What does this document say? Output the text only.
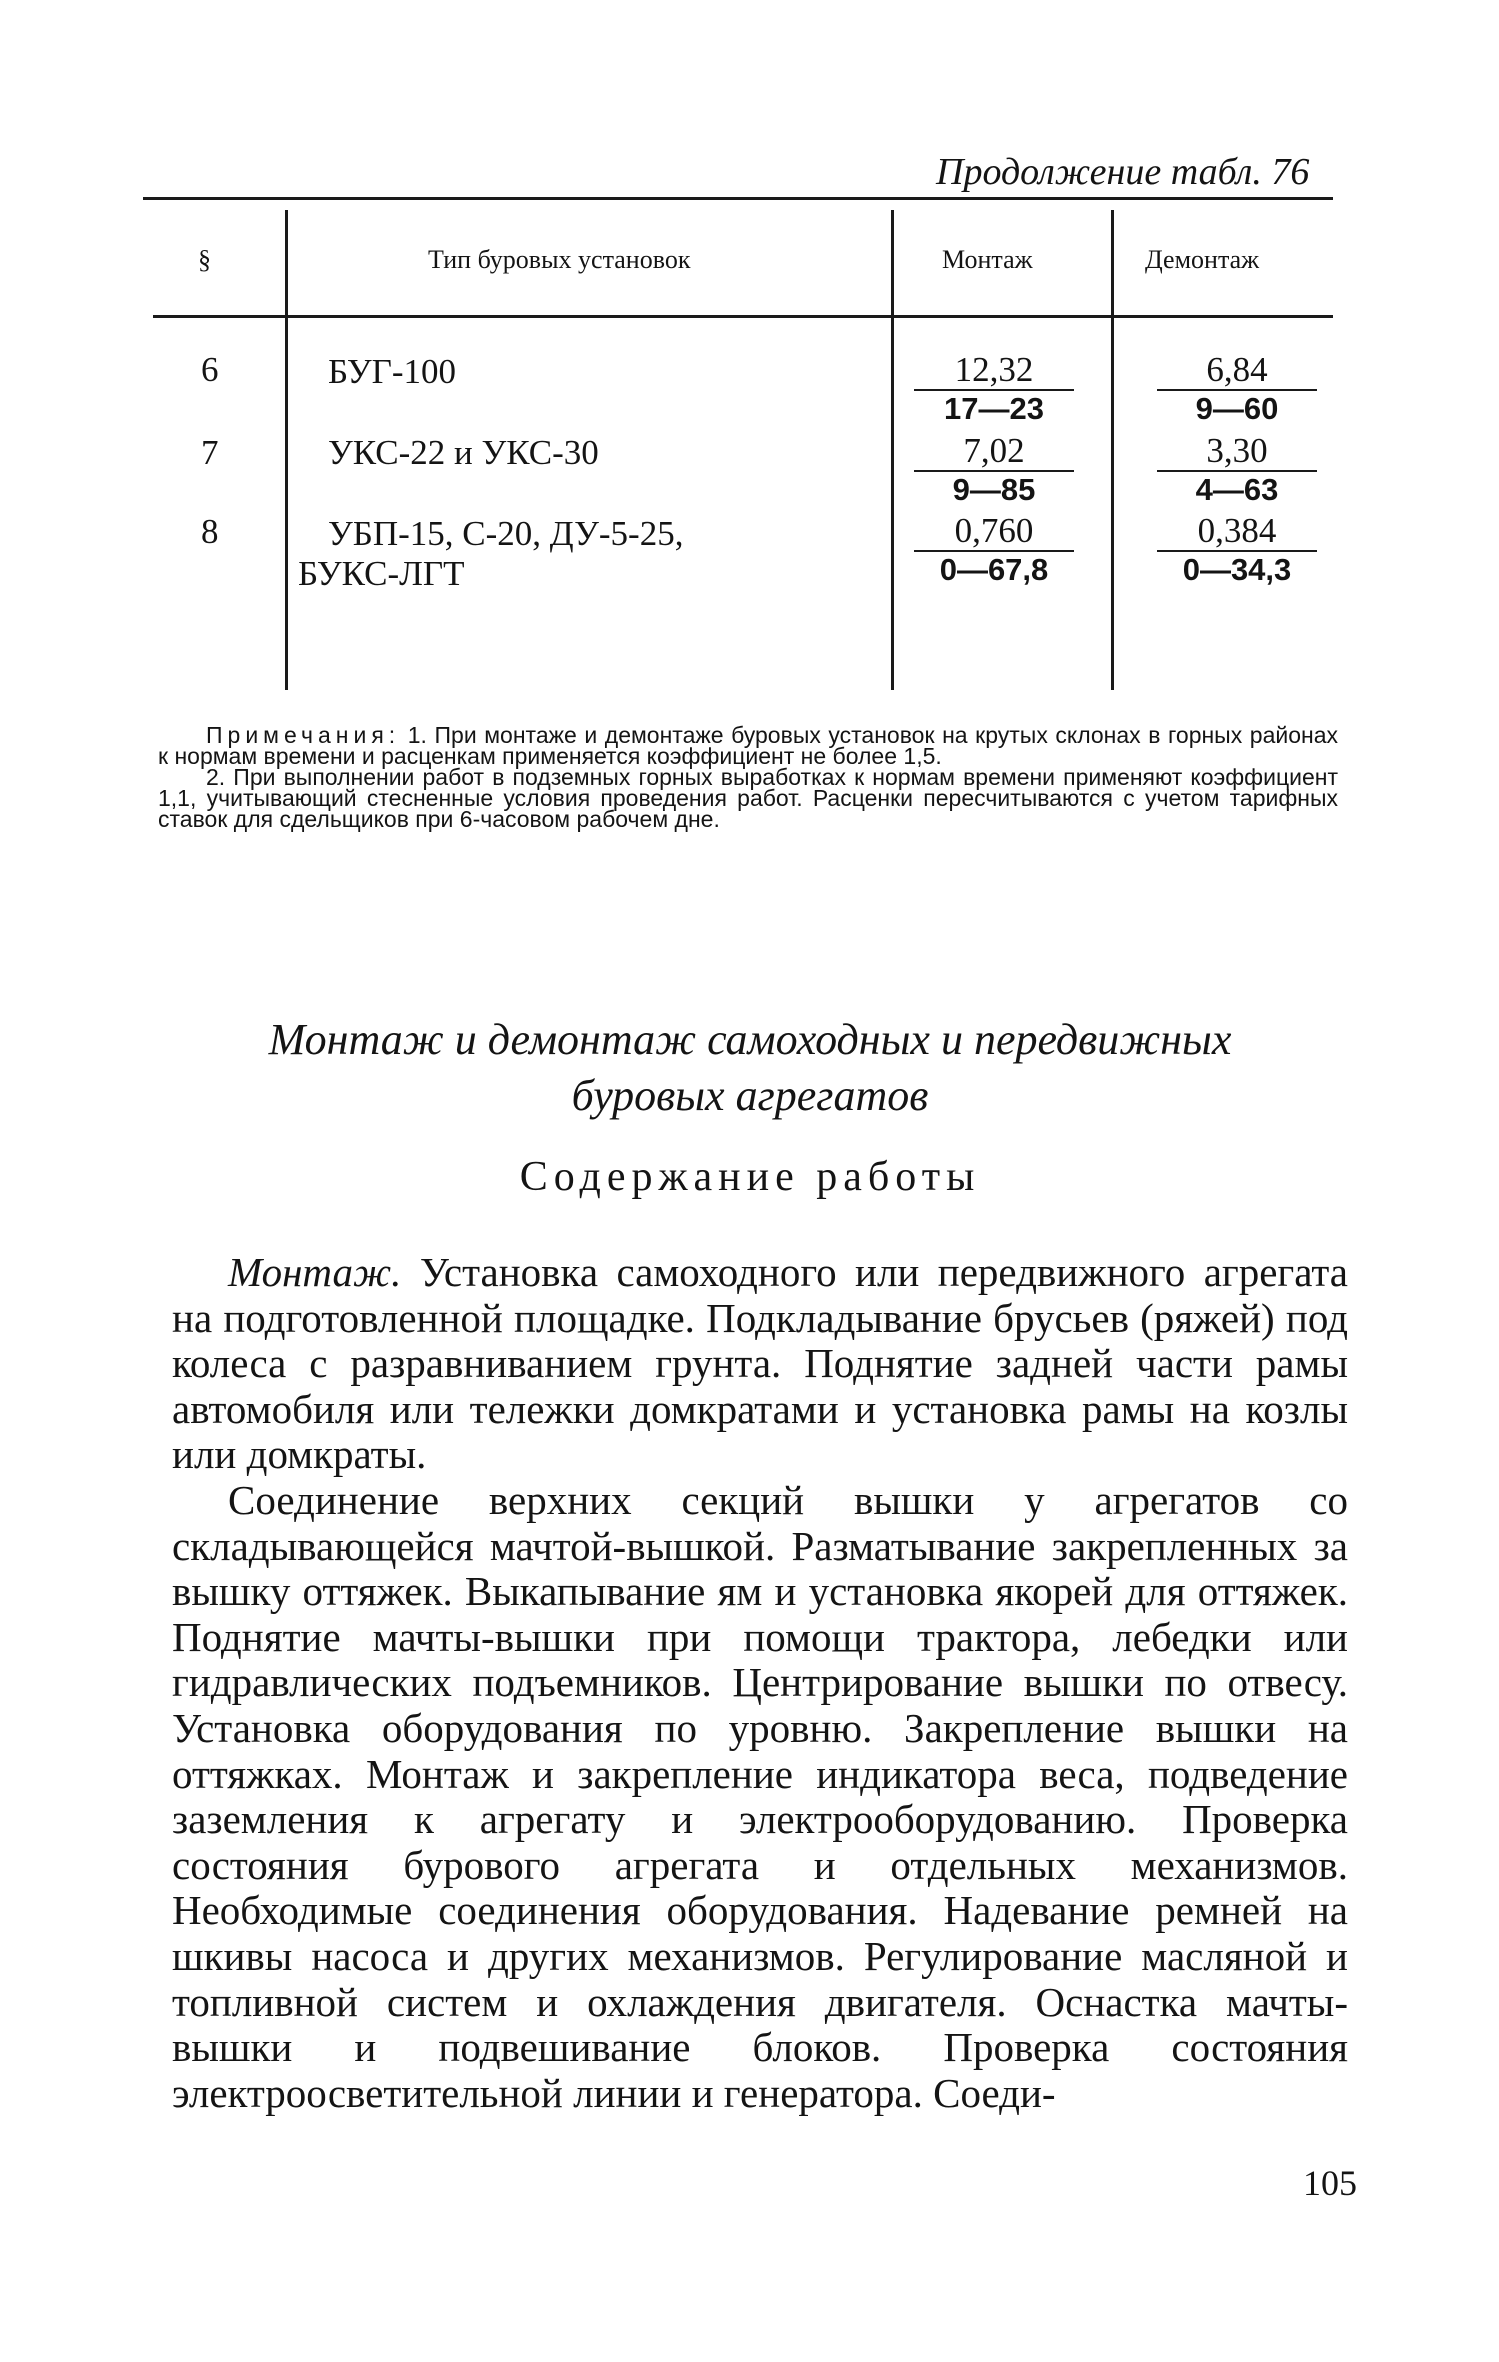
Продолжение табл. 76
§	Тип буровых установок	Монтаж	Демонтаж
6	БУГ-100	$\frac{12,32}{17—23} \frac{6,84}{9—60}$
7	УКС-22 и УКС-30	$\frac{7,02}{9—85} \frac{3,30}{4—63}$
8	УБП-15, С-20, ДУ-5-25,
БУКС-ЛГТ	$\frac{0,760}{0—67,8} \frac{0,384}{0—34,3}$

Примечания: 1. При монтаже и демонтаже буровых установок на крутых склонах в горных районах к нормам времени и расценкам применяется коэффициент не более 1,5.

2. При выполнении работ в подземных горных выработках к нормам времени применяют коэффициент 1,1, учитывающий стесненные условия проведения работ. Расценки пересчитываются с учетом тарифных ставок для сдельщиков при 6-часовом рабочем дне.

Монтаж и демонтаж самоходных и передвижных
буровых агрегатов
Содержание работы

Монтаж. Установка самоходного или передвижного агрегата на подготовленной площадке. Подкладывание брусьев (ряжей) под колеса с разравниванием грунта. Поднятие задней части рамы автомобиля или тележки домкратами и установка рамы на козлы или домкраты.

Соединение верхних секций вышки у агрегатов со складывающейся мачтой-вышкой. Разматывание закрепленных за вышку оттяжек. Выкапывание ям и установка якорей для оттяжек. Поднятие мачты-вышки при помощи трактора, лебедки или гидравлических подъемников. Центрирование вышки по отвесу. Установка оборудования по уровню. Закрепление вышки на оттяжках. Монтаж и закрепление индикатора веса, подведение заземления к агрегату и электрооборудованию. Проверка состояния бурового агрегата и отдельных механизмов. Необходимые соединения оборудования. Надевание ремней на шкивы насоса и других механизмов. Регулирование масляной и топливной систем и охлаждения двигателя. Оснастка мачты-вышки и подвешивание блоков. Проверка состояния электроосветительной линии и генератора. Соеди-

105
